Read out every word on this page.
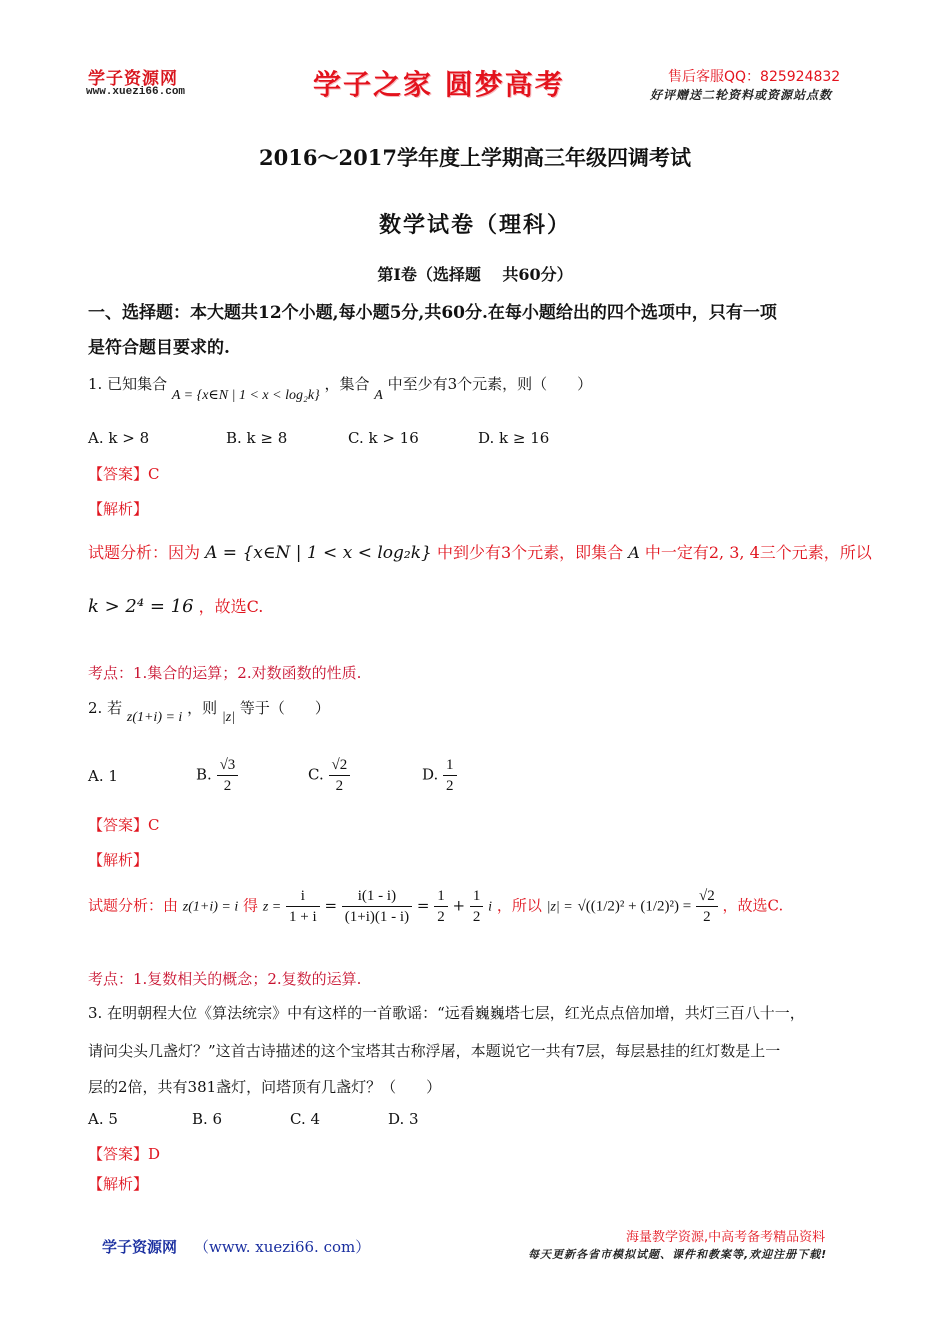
学子资源网
www.xuezi66.com	学子之家 圆梦高考	售后客服QQ：825924832
好评赠送二轮资料或资源站点数
2016～2017学年度上学期高三年级四调考试
数学试卷（理科）
第Ⅰ卷（选择题　 共60分）
一、选择题：本大题共12个小题,每小题5分,共60分.在每小题给出的四个选项中，只有一项
是符合题目要求的.
1. 已知集合 A = {x∈N | 1 < x < log₂k} ，集合 A 中至少有3个元素，则（　　）
A. k > 8	B. k ≥ 8	C. k > 16	D. k ≥ 16
【答案】C
【解析】
试题分析：因为 A = {x∈N | 1 < x < log₂k} 中到少有3个元素，即集合 A 中一定有2, 3, 4三个元素，所以
k > 2⁴ = 16 ，故选C.
考点：1.集合的运算；2.对数函数的性质.
2. 若 z(1+i) = i ，则 |z| 等于（　　）
A. 1	B. $\frac{√3}{2}$	C. $\frac{√2}{2}$	D. $\frac{1}{2}$
【答案】C
【解析】
试题分析：由 z(1+i) = i 得 $z = \frac{i}{1 + i} = \frac{i(1 - i)}{(1+i)(1 - i)} = \frac{1}{2} + \frac{1}{2}$ i ，所以 $|z| = √((1/2)^2 + (1/2)^2) = \frac{√2}{2}$ ，故选C.
考点：1.复数相关的概念；2.复数的运算.
3. 在明朝程大位《算法统宗》中有这样的一首歌谣：“远看巍巍塔七层，红光点点倍加增，共灯三百八十一，
请问尖头几盏灯？”这首古诗描述的这个宝塔其古称浮屠，本题说它一共有7层，每层悬挂的红灯数是上一
层的2倍，共有381盏灯，问塔顶有几盏灯？（　　）
A. 5	B. 6	C. 4	D. 3
【答案】D
【解析】
学子资源网 （www. xuezi66. com）
海量教学资源,中高考备考精品资料
每天更新各省市模拟试题、课件和教案等,欢迎注册下载!
